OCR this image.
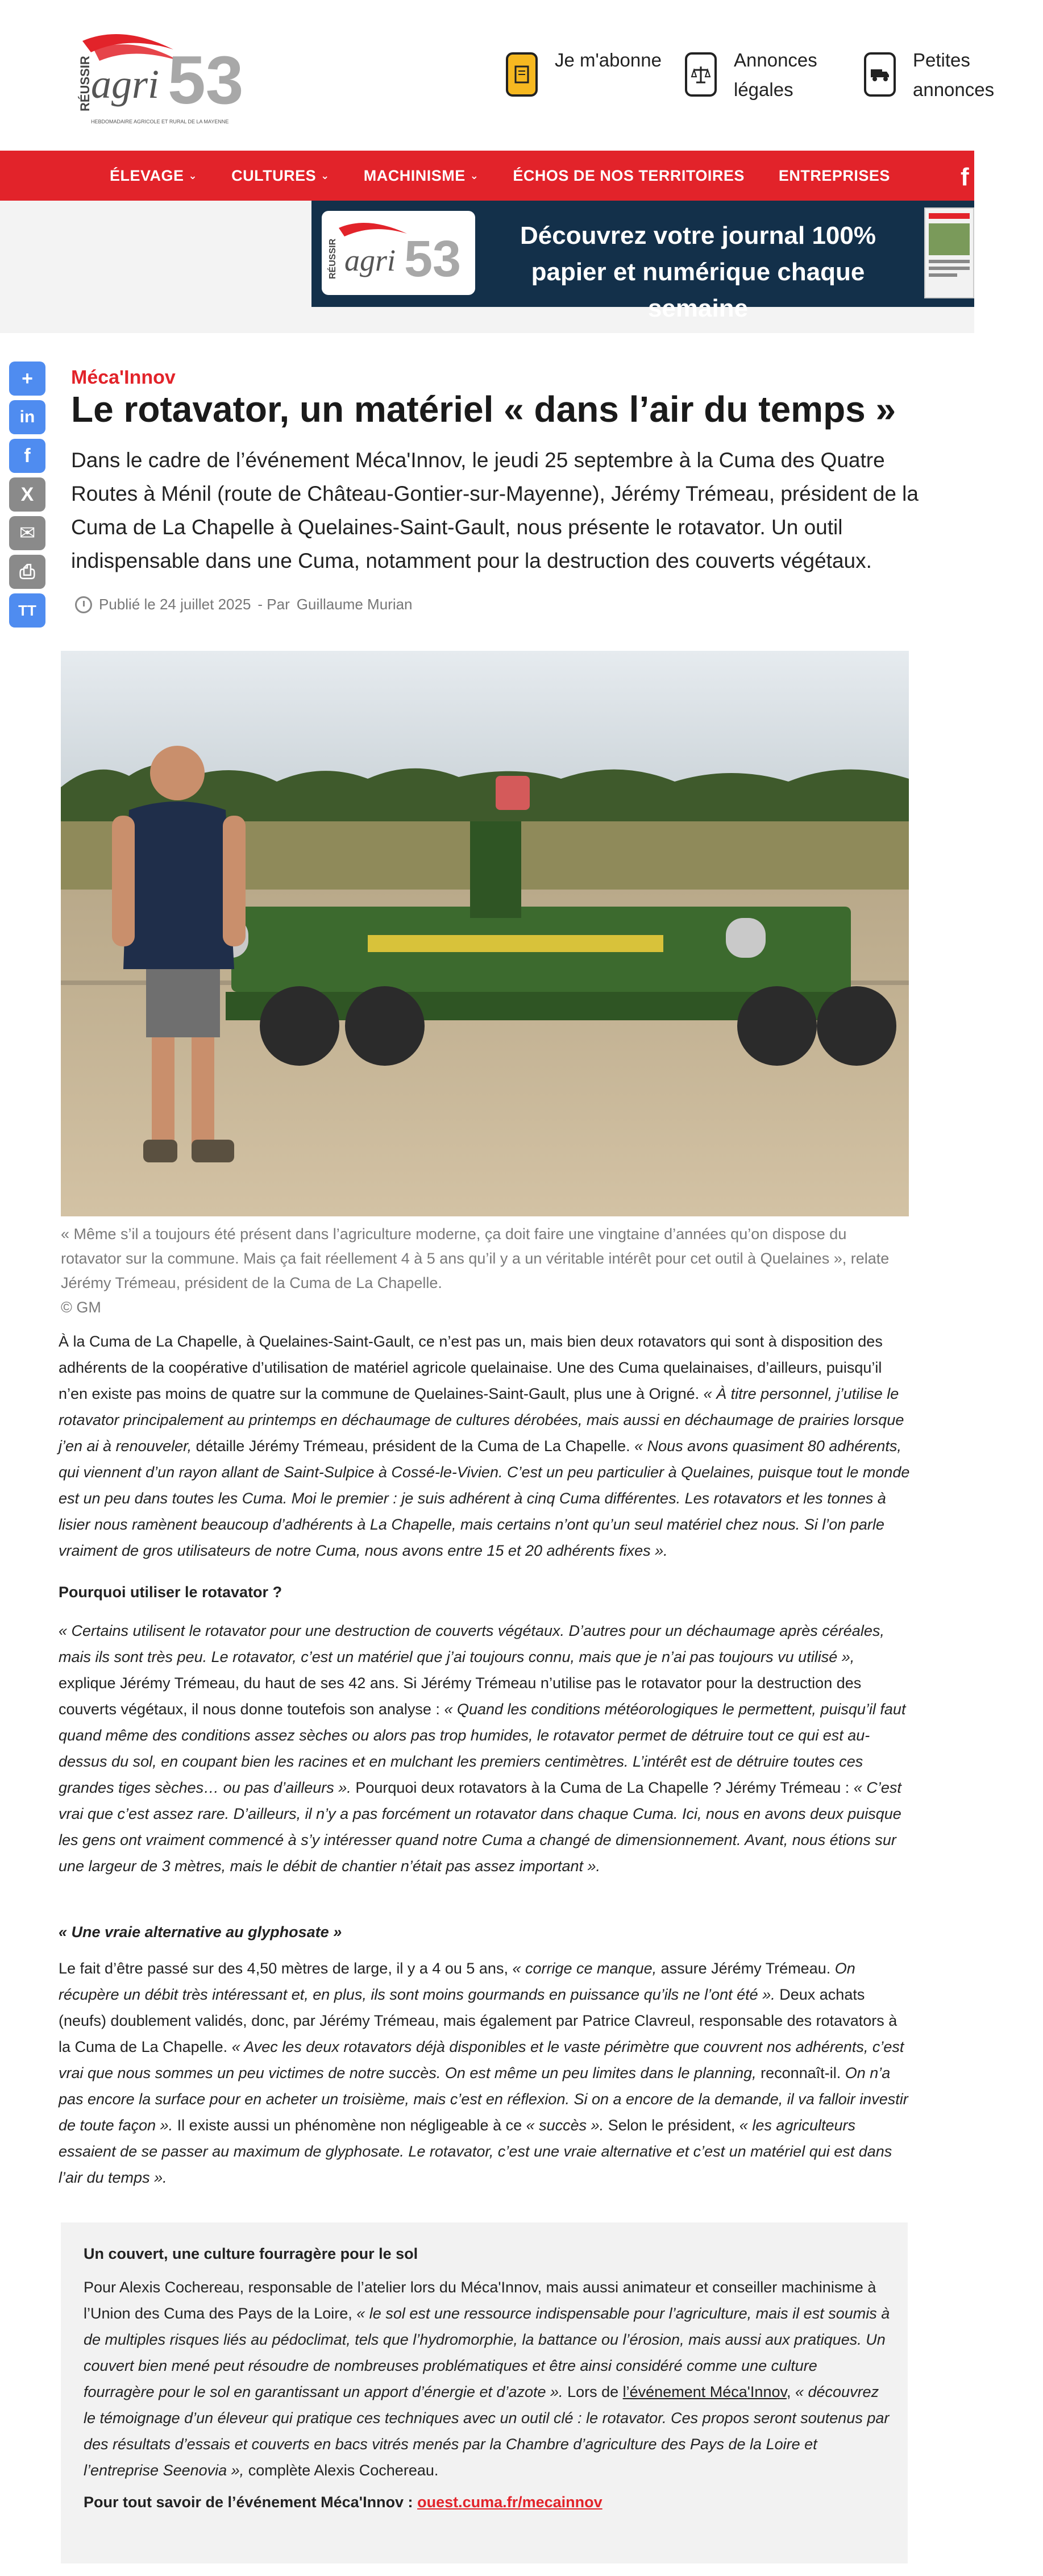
RÉUSSIR
agri 53
HEBDOMADAIRE AGRICOLE ET RURAL DE LA MAYENNE
Je m'abonne	Annonces légales
Petites annonces
ÉLEVAGE ⌄ CULTURES ⌄ MACHINISME ⌄ ÉCHOS DE NOS TERRITOIRES ENTREPRISES	f
RÉUSSIR agri 53	Découvrez votre journal 100% papier et numérique chaque semaine
+
in
f
X
✉
⎙
TT
Méca'Innov
Le rotavator, un matériel « dans l’air du temps »

Dans le cadre de l’événement Méca'Innov, le jeudi 25 septembre à la Cuma des Quatre Routes à Ménil (route de Château-Gontier-sur-Mayenne), Jérémy Trémeau, président de la Cuma de La Chapelle à Quelaines-Saint-Gault, nous présente le rotavator. Un outil indispensable dans une Cuma, notamment pour la destruction des couverts végétaux.

Publié le 24 juillet 2025 - Par Guillaume Murian

« Même s’il a toujours été présent dans l’agriculture moderne, ça doit faire une vingtaine d’années qu’on dispose du rotavator sur la commune. Mais ça fait réellement 4 à 5 ans qu’il y a un véritable intérêt pour cet outil à Quelaines », relate Jérémy Trémeau, président de la Cuma de La Chapelle.
© GM

À la Cuma de La Chapelle, à Quelaines-Saint-Gault, ce n’est pas un, mais bien deux rotavators qui sont à disposition des adhérents de la coopérative d’utilisation de matériel agricole quelainaise. Une des Cuma quelainaises, d’ailleurs, puisqu’il n’en existe pas moins de quatre sur la commune de Quelaines-Saint-Gault, plus une à Origné. « À titre personnel, j’utilise le rotavator principalement au printemps en déchaumage de cultures dérobées, mais aussi en déchaumage de prairies lorsque j’en ai à renouveler, détaille Jérémy Trémeau, président de la Cuma de La Chapelle. « Nous avons quasiment 80 adhérents, qui viennent d’un rayon allant de Saint-Sulpice à Cossé-le-Vivien. C’est un peu particulier à Quelaines, puisque tout le monde est un peu dans toutes les Cuma. Moi le premier : je suis adhérent à cinq Cuma différentes. Les rotavators et les tonnes à lisier nous ramènent beaucoup d’adhérents à La Chapelle, mais certains n’ont qu’un seul matériel chez nous. Si l’on parle vraiment de gros utilisateurs de notre Cuma, nous avons entre 15 et 20 adhérents fixes ».

Pourquoi utiliser le rotavator ?

« Certains utilisent le rotavator pour une destruction de couverts végétaux. D’autres pour un déchaumage après céréales, mais ils sont très peu. Le rotavator, c’est un matériel que j’ai toujours connu, mais que je n’ai pas toujours vu utilisé », explique Jérémy Trémeau, du haut de ses 42 ans. Si Jérémy Trémeau n’utilise pas le rotavator pour la destruction des couverts végétaux, il nous donne toutefois son analyse : « Quand les conditions météorologiques le permettent, puisqu’il faut quand même des conditions assez sèches ou alors pas trop humides, le rotavator permet de détruire tout ce qui est au-dessus du sol, en coupant bien les racines et en mulchant les premiers centimètres. L’intérêt est de détruire toutes ces grandes tiges sèches… ou pas d’ailleurs ». Pourquoi deux rotavators à la Cuma de La Chapelle ? Jérémy Trémeau : « C’est vrai que c’est assez rare. D’ailleurs, il n’y a pas forcément un rotavator dans chaque Cuma. Ici, nous en avons deux puisque les gens ont vraiment commencé à s’y intéresser quand notre Cuma a changé de dimensionnement. Avant, nous étions sur une largeur de 3 mètres, mais le débit de chantier n’était pas assez important ».

« Une vraie alternative au glyphosate »

Le fait d’être passé sur des 4,50 mètres de large, il y a 4 ou 5 ans, « corrige ce manque, assure Jérémy Trémeau. On récupère un débit très intéressant et, en plus, ils sont moins gourmands en puissance qu’ils ne l’ont été ». Deux achats (neufs) doublement validés, donc, par Jérémy Trémeau, mais également par Patrice Clavreul, responsable des rotavators à la Cuma de La Chapelle. « Avec les deux rotavators déjà disponibles et le vaste périmètre que couvrent nos adhérents, c’est vrai que nous sommes un peu victimes de notre succès. On est même un peu limites dans le planning, reconnaît-il. On n’a pas encore la surface pour en acheter un troisième, mais c’est en réflexion. Si on a encore de la demande, il va falloir investir de toute façon ». Il existe aussi un phénomène non négligeable à ce « succès ». Selon le président, « les agriculteurs essaient de se passer au maximum de glyphosate. Le rotavator, c’est une vraie alternative et c’est un matériel qui est dans l’air du temps ».

Un couvert, une culture fourragère pour le sol

Pour Alexis Cochereau, responsable de l’atelier lors du Méca'Innov, mais aussi animateur et conseiller machinisme à l’Union des Cuma des Pays de la Loire, « le sol est une ressource indispensable pour l’agriculture, mais il est soumis à de multiples risques liés au pédoclimat, tels que l’hydromorphie, la battance ou l’érosion, mais aussi aux pratiques. Un couvert bien mené peut résoudre de nombreuses problématiques et être ainsi considéré comme une culture fourragère pour le sol en garantissant un apport d’énergie et d’azote ». Lors de l’événement Méca'Innov, « découvrez le témoignage d’un éleveur qui pratique ces techniques avec un outil clé : le rotavator. Ces propos seront soutenus par des résultats d’essais et couverts en bacs vitrés menés par la Chambre d’agriculture des Pays de la Loire et l’entreprise Seenovia », complète Alexis Cochereau.

Pour tout savoir de l’événement Méca'Innov : ouest.cuma.fr/mecainnov
